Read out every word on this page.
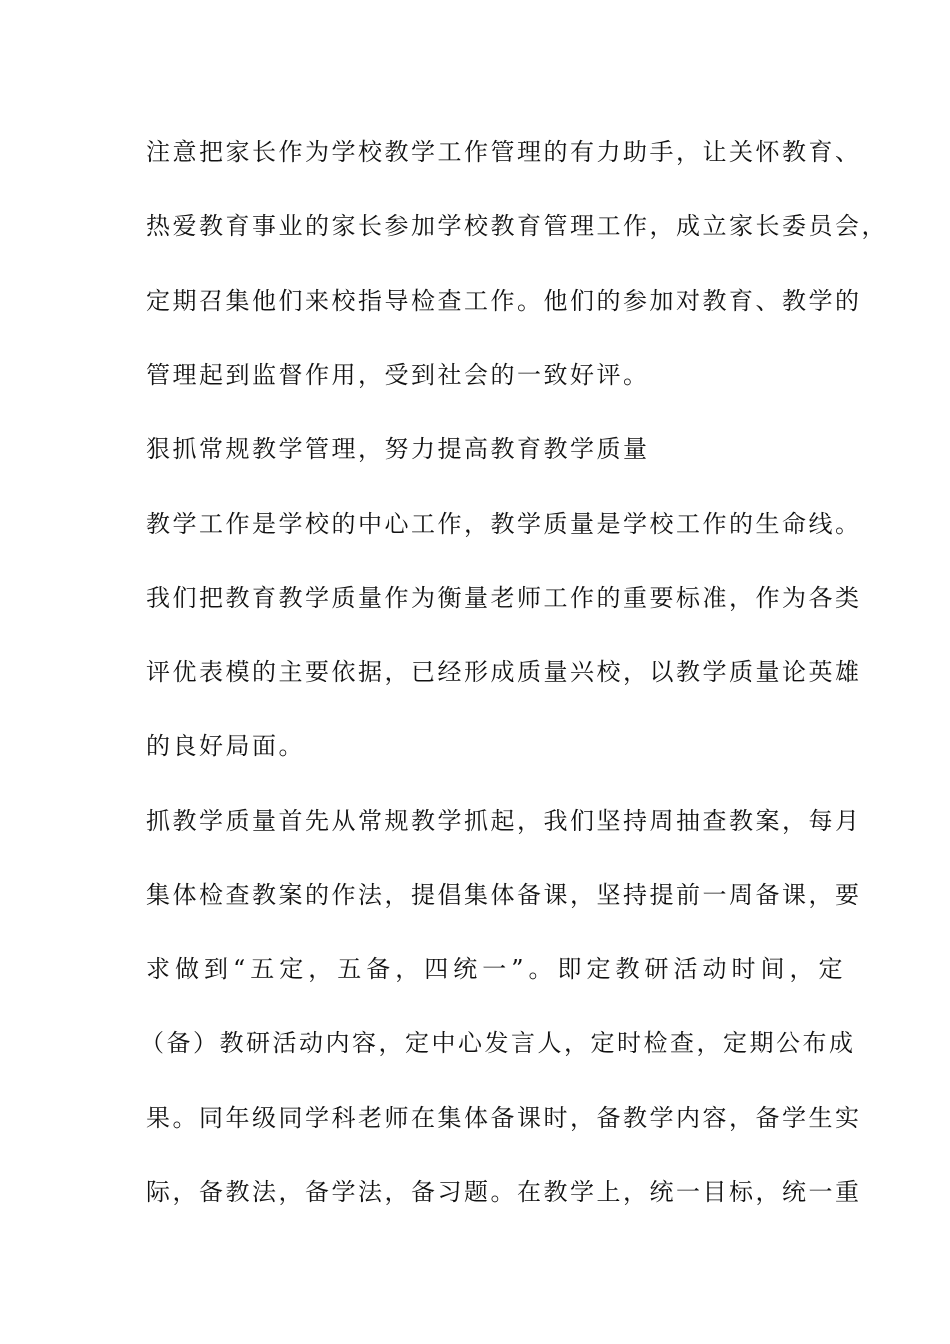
注意把家长作为学校教学工作管理的有力助手，让关怀教育、
热爱教育事业的家长参加学校教育管理工作，成立家长委员会，
定期召集他们来校指导检查工作。他们的参加对教育、教学的
管理起到监督作用，受到社会的一致好评。
狠抓常规教学管理，努力提高教育教学质量
教学工作是学校的中心工作，教学质量是学校工作的生命线。
我们把教育教学质量作为衡量老师工作的重要标准，作为各类
评优表模的主要依据，已经形成质量兴校，以教学质量论英雄
的良好局面。
抓教学质量首先从常规教学抓起，我们坚持周抽查教案，每月
集体检查教案的作法，提倡集体备课，坚持提前一周备课，要
求做到“五定，五备，四统一”。即定教研活动时间，定
（备）教研活动内容，定中心发言人，定时检查，定期公布成
果。同年级同学科老师在集体备课时，备教学内容，备学生实
际，备教法，备学法，备习题。在教学上，统一目标，统一重
